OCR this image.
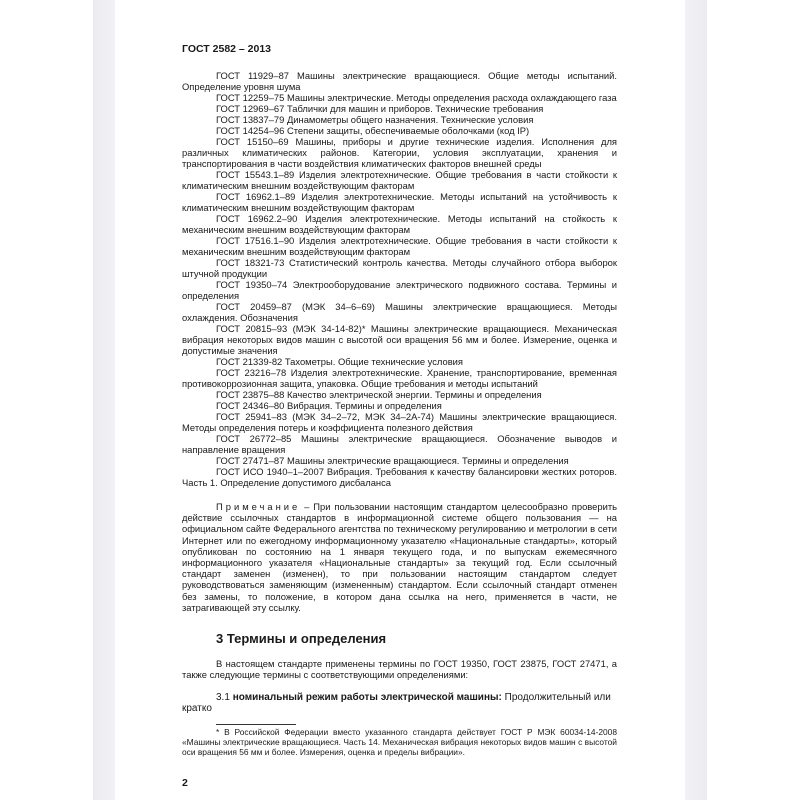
ГОСТ 2582 – 2013

ГОСТ 11929–87 Машины электрические вращающиеся. Общие методы испытаний. Определение уровня шума

ГОСТ 12259–75 Машины электрические. Методы определения расхода охлаждающего газа

ГОСТ 12969–67 Таблички для машин и приборов. Технические требования

ГОСТ 13837–79 Динамометры общего назначения. Технические условия

ГОСТ 14254–96 Степени защиты, обеспечиваемые оболочками (код IP)

ГОСТ 15150–69 Машины, приборы и другие технические изделия. Исполнения для различных климатических районов. Категории, условия эксплуатации, хранения и транспортирования в части воздействия климатических факторов внешней среды

ГОСТ 15543.1–89 Изделия электротехнические. Общие требования в части стойкости к климатическим внешним воздействующим факторам

ГОСТ 16962.1–89 Изделия электротехнические. Методы испытаний на устойчивость к климатическим внешним воздействующим факторам

ГОСТ 16962.2–90 Изделия электротехнические. Методы испытаний на стойкость к механическим внешним воздействующим факторам

ГОСТ 17516.1–90 Изделия электротехнические. Общие требования в части стойкости к механическим внешним воздействующим факторам

ГОСТ 18321-73 Статистический контроль качества. Методы случайного отбора выборок штучной продукции

ГОСТ 19350–74 Электрооборудование электрического подвижного состава. Термины и определения

ГОСТ 20459–87 (МЭК 34–6–69) Машины электрические вращающиеся. Методы охлаждения. Обозначения

ГОСТ 20815–93 (МЭК 34-14-82)* Машины электрические вращающиеся. Механическая вибрация некоторых видов машин с высотой оси вращения 56 мм и более. Измерение, оценка и допустимые значения

ГОСТ 21339-82 Тахометры. Общие технические условия

ГОСТ 23216–78 Изделия электротехнические. Хранение, транспортирование, временная противокоррозионная защита, упаковка. Общие требования и методы испытаний

ГОСТ 23875–88 Качество электрической энергии. Термины и определения

ГОСТ 24346–80 Вибрация. Термины и определения

ГОСТ 25941–83 (МЭК 34–2–72, МЭК 34–2А-74) Машины электрические вращающиеся. Методы определения потерь и коэффициента полезного действия

ГОСТ 26772–85 Машины электрические вращающиеся. Обозначение выводов и направление вращения

ГОСТ 27471–87 Машины электрические вращающиеся. Термины и определения

ГОСТ ИСО 1940–1–2007 Вибрация. Требования к качеству балансировки жестких роторов. Часть 1. Определение допустимого дисбаланса

Примечание – При пользовании настоящим стандартом целесообразно проверить действие ссылочных стандартов в информационной системе общего пользования — на официальном сайте Федерального агентства по техническому регулированию и метрологии в сети Интернет или по ежегодному информационному указателю «Национальные стандарты», который опубликован по состоянию на 1 января текущего года, и по выпускам ежемесячного информационного указателя «Национальные стандарты» за текущий год. Если ссылочный стандарт заменен (изменен), то при пользовании настоящим стандартом следует руководствоваться заменяющим (измененным) стандартом. Если ссылочный стандарт отменен без замены, то положение, в котором дана ссылка на него, применяется в части, не затрагивающей эту ссылку.

3 Термины и определения

В настоящем стандарте применены термины по ГОСТ 19350, ГОСТ 23875, ГОСТ 27471, а также следующие термины с соответствующими определениями:

3.1 номинальный режим работы электрической машины: Продолжительный или кратко

* В Российской Федерации вместо указанного стандарта действует ГОСТ Р МЭК 60034-14-2008 «Машины электрические вращающиеся. Часть 14. Механическая вибрация некоторых видов машин с высотой оси вращения 56 мм и более. Измерения, оценка и пределы вибрации».

2
